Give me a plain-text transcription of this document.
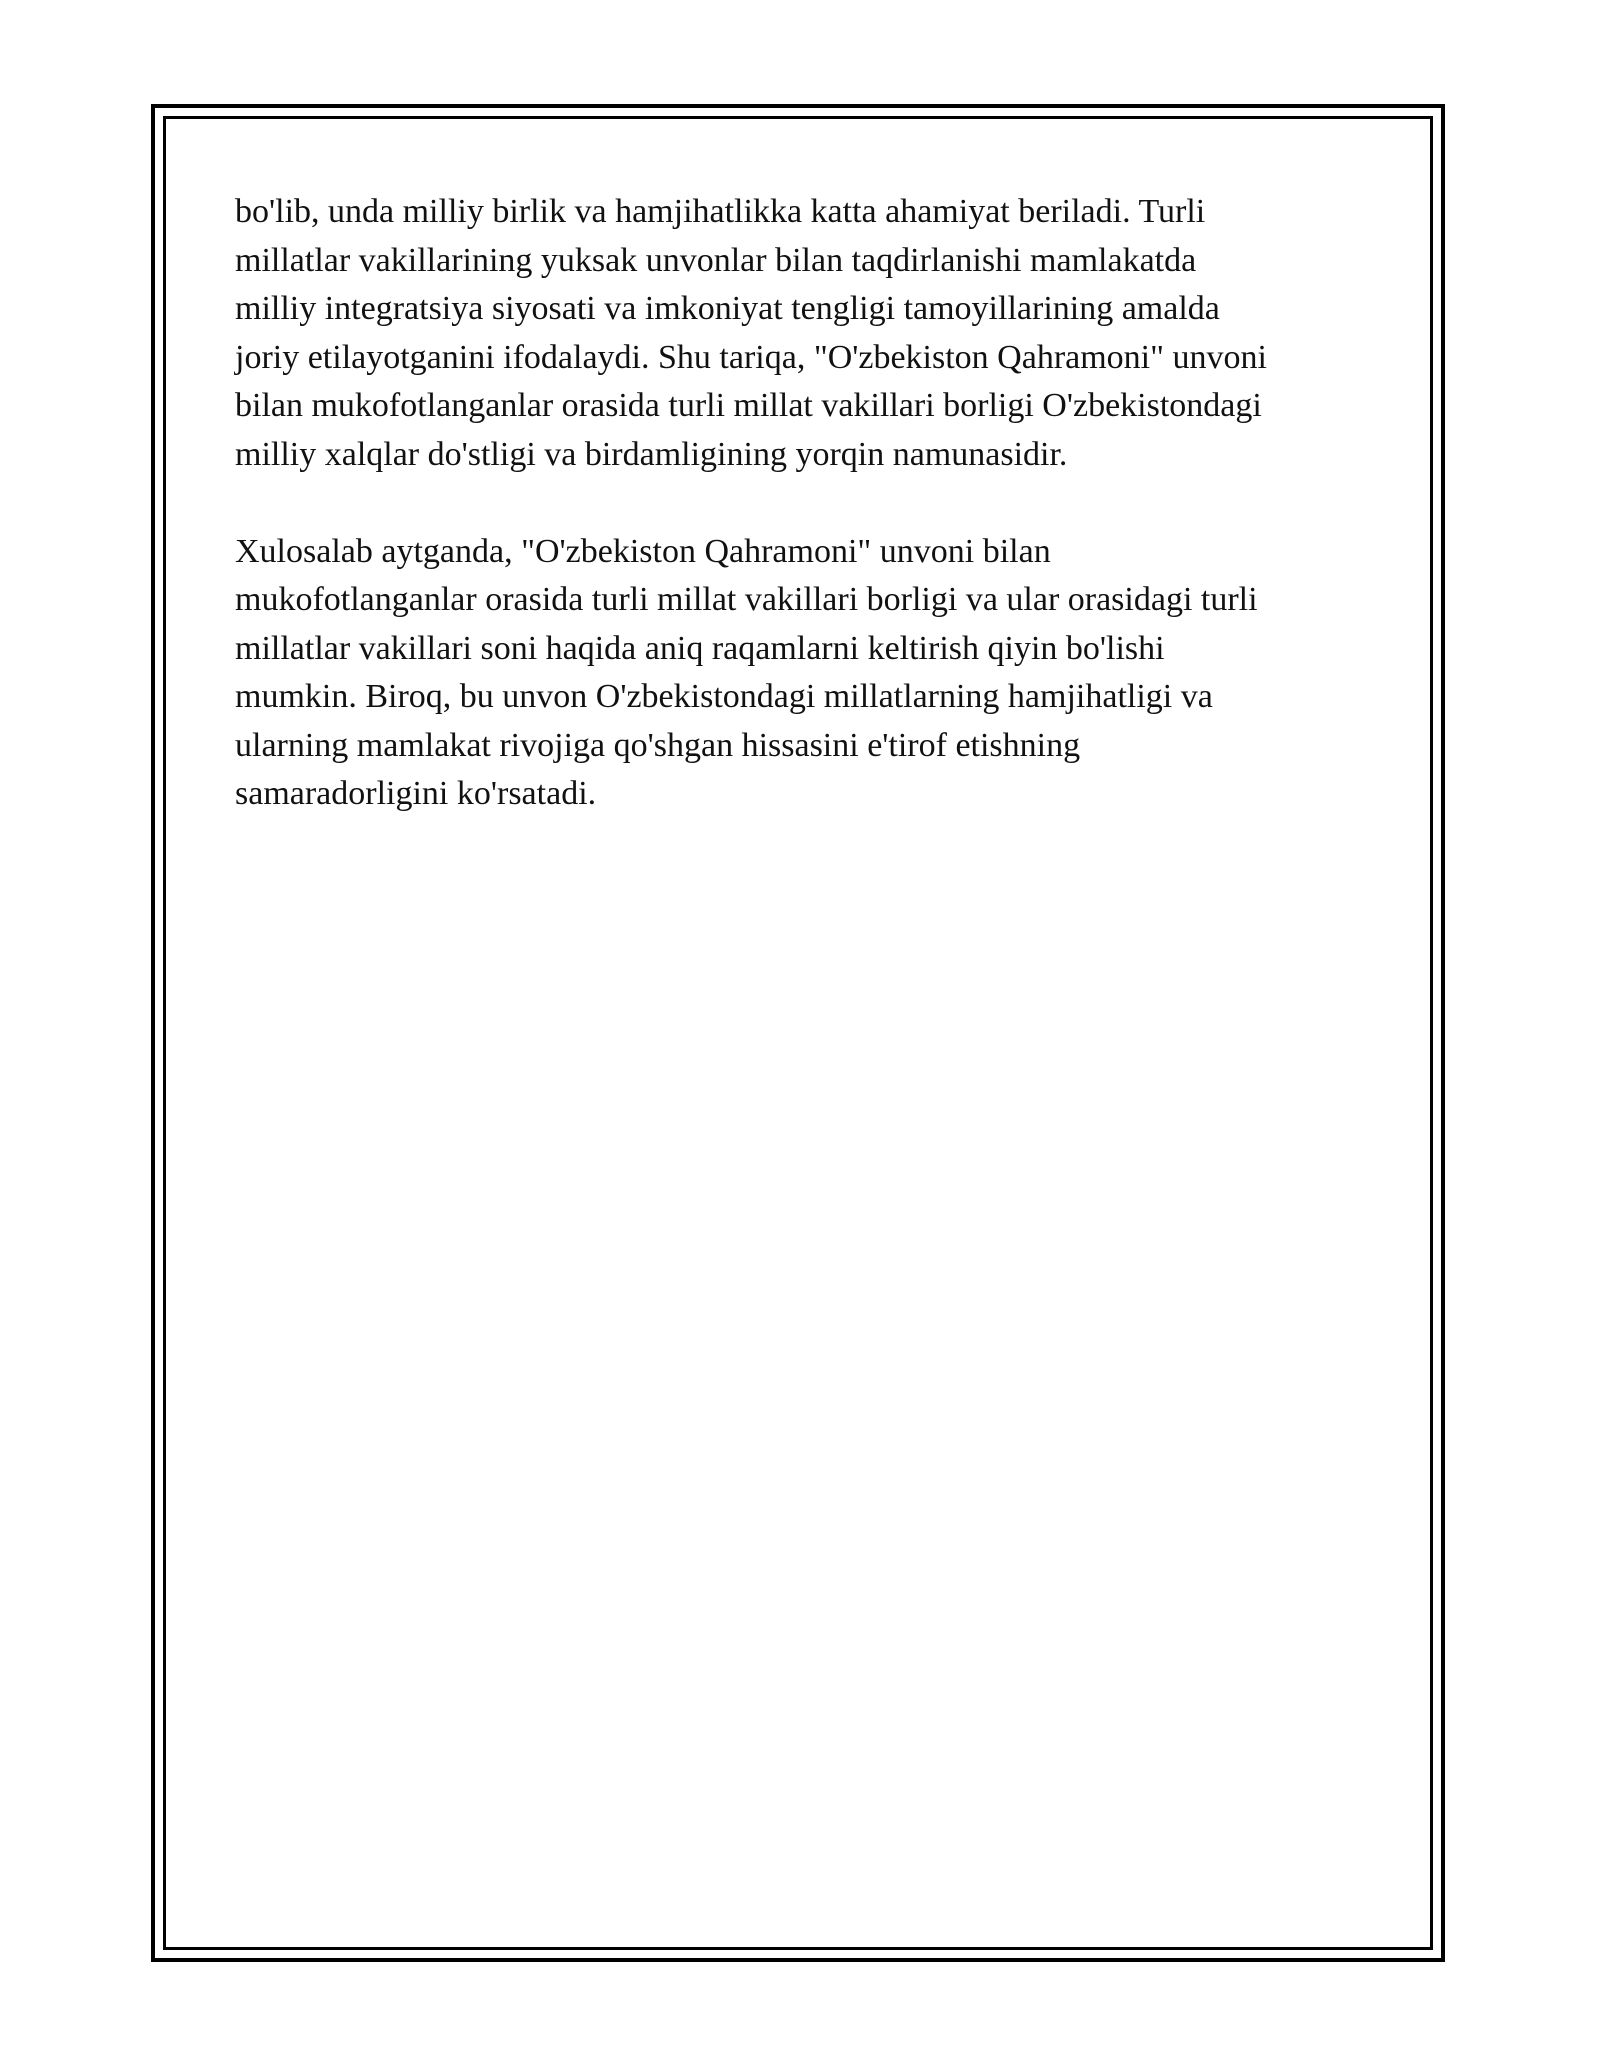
bo'lib, unda milliy birlik va hamjihatlikka katta ahamiyat beriladi. Turli
millatlar vakillarining yuksak unvonlar bilan taqdirlanishi mamlakatda
milliy integratsiya siyosati va imkoniyat tengligi tamoyillarining amalda
joriy etilayotganini ifodalaydi. Shu tariqa, "O'zbekiston Qahramoni" unvoni
bilan mukofotlanganlar orasida turli millat vakillari borligi O'zbekistondagi
milliy xalqlar do'stligi va birdamligining yorqin namunasidir.

Xulosalab aytganda, "O'zbekiston Qahramoni" unvoni bilan
mukofotlanganlar orasida turli millat vakillari borligi va ular orasidagi turli
millatlar vakillari soni haqida aniq raqamlarni keltirish qiyin bo'lishi
mumkin. Biroq, bu unvon O'zbekistondagi millatlarning hamjihatligi va
ularning mamlakat rivojiga qo'shgan hissasini e'tirof etishning
samaradorligini ko'rsatadi.
